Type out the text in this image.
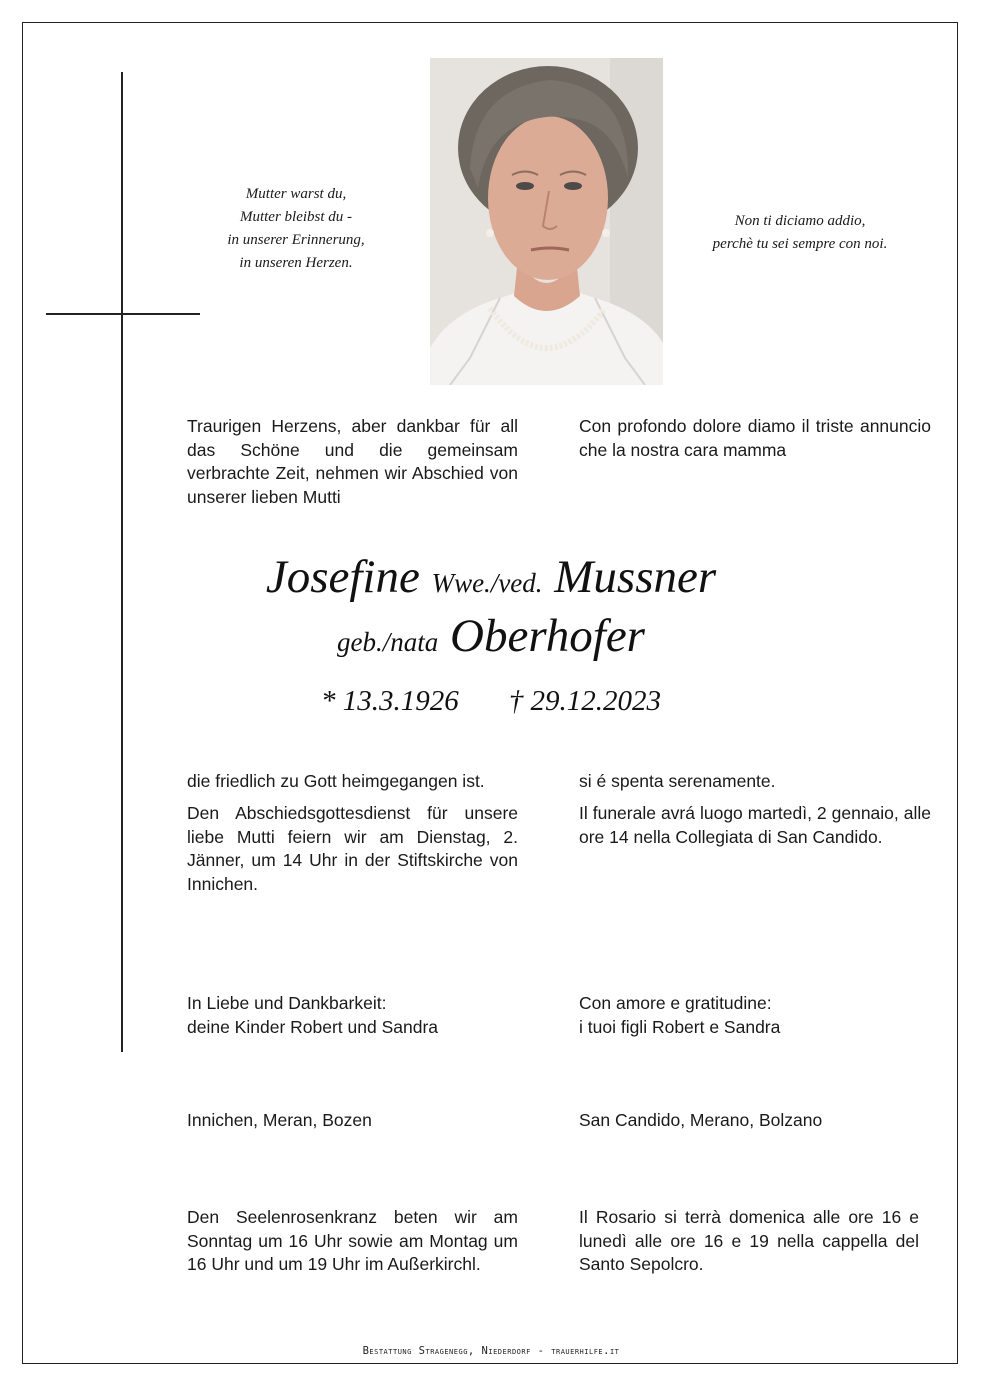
Mutter warst du,
Mutter bleibst du -
in unserer Erinnerung,
in unseren Herzen.
Non ti diciamo addio,
perchè tu sei sempre con noi.
Traurigen Herzens, aber dankbar für all das Schöne und die gemeinsam verbrachte Zeit, nehmen wir Abschied von unserer lieben Mutti
Con profondo dolore diamo il triste annuncio che la nostra cara mamma
Josefine Wwe./ved. Mussner
geb./nata Oberhofer
* 13.3.1926 † 29.12.2023
die friedlich zu Gott heimgegangen ist.	si é spenta serenamente.
Den Abschiedsgottesdienst für unsere liebe Mutti feiern wir am Dienstag, 2. Jänner, um 14 Uhr in der Stiftskirche von Innichen.
Il funerale avrá luogo martedì, 2 gennaio, alle ore 14 nella Collegiata di San Candido.

In Liebe und Dankbarkeit:

deine Kinder Robert und Sandra

Con amore e gratitudine:

i tuoi figli Robert e Sandra

Innichen, Meran, Bozen	San Candido, Merano, Bolzano
Den Seelenrosenkranz beten wir am Sonntag um 16 Uhr sowie am Montag um 16 Uhr und um 19 Uhr im Außerkirchl.
Il Rosario si terrà domenica alle ore 16 e lunedì alle ore 16 e 19 nella cappella del Santo Sepolcro.
Bestattung Stragenegg, Niederdorf - trauerhilfe.it
